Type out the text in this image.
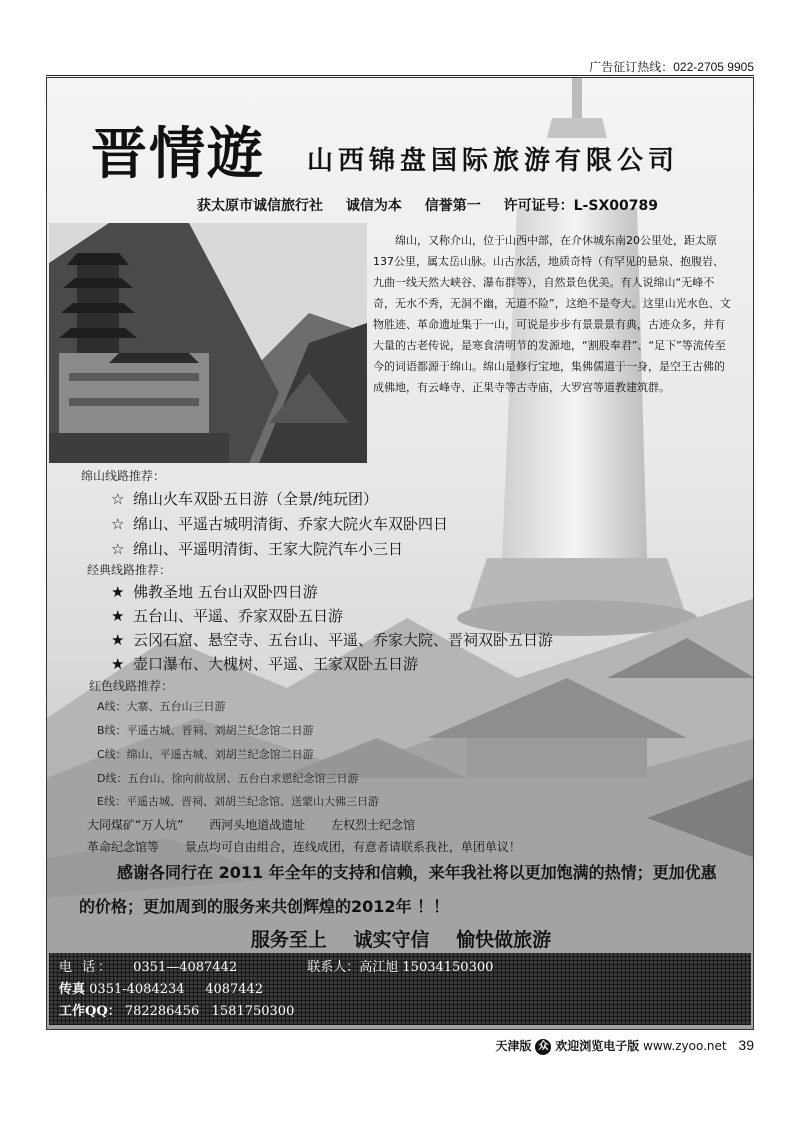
广告征订热线：022-2705 9905
晋情遊 山西锦盘国际旅游有限公司
获太原市诚信旅行社 诚信为本 信誉第一 许可证号：L-SX00789
绵山，又称介山，位于山西中部，在介休城东南20公里处，距太原137公里，属太岳山脉。山古水活，地质奇特（有罕见的悬泉、抱腹岩、九曲一线天然大峡谷、瀑布群等），自然景色优美。有人说绵山“无峰不奇，无水不秀，无洞不幽，无道不险”，这绝不是夸大。这里山光水色、文物胜迹、革命遗址集于一山，可说是步步有景景景有典，古迹众多，并有大量的古老传说，是寒食清明节的发源地，“割股奉君”、“足下”等流传至今的词语都源于绵山。绵山是修行宝地，集佛儒道于一身，是空王古佛的成佛地，有云峰寺、正果寺等古寺庙，大罗宫等道教建筑群。
绵山线路推荐：
☆ 绵山火车双卧五日游（全景/纯玩团）
☆ 绵山、平遥古城明清街、乔家大院火车双卧四日
☆ 绵山、平遥明清街、王家大院汽车小三日
经典线路推荐：
★ 佛教圣地 五台山双卧四日游
★ 五台山、平遥、乔家双卧五日游
★ 云冈石窟、悬空寺、五台山、平遥、乔家大院、晋祠双卧五日游
★ 壶口瀑布、大槐树、平遥、王家双卧五日游
红色线路推荐：
A线：大寨、五台山三日游
B线：平遥古城、晋祠、刘胡兰纪念馆二日游
C线：绵山、平遥古城、刘胡兰纪念馆二日游
D线：五台山、徐向前故居、五台白求恩纪念馆三日游
E线：平遥古城、晋祠、刘胡兰纪念馆、送蒙山大佛三日游
大同煤矿“万人坑” 西河头地道战遗址 左权烈士纪念馆
革命纪念馆等 景点均可自由组合，连线成团，有意者请联系我社，单团单议！
感谢各同行在 2011 年全年的支持和信赖，来年我社将以更加饱满的热情；更加优惠的价格；更加周到的服务来共创辉煌的2012年 ！！
服务至上 诚实守信 愉快做旅游
电 话： 0351—4087442	联系人：高江旭 15034150300
传真 0351-4084234     4087442
工作QQ： 782286456   1581750300
天津版 众 欢迎浏览电子版 www.zyoo.net 39
